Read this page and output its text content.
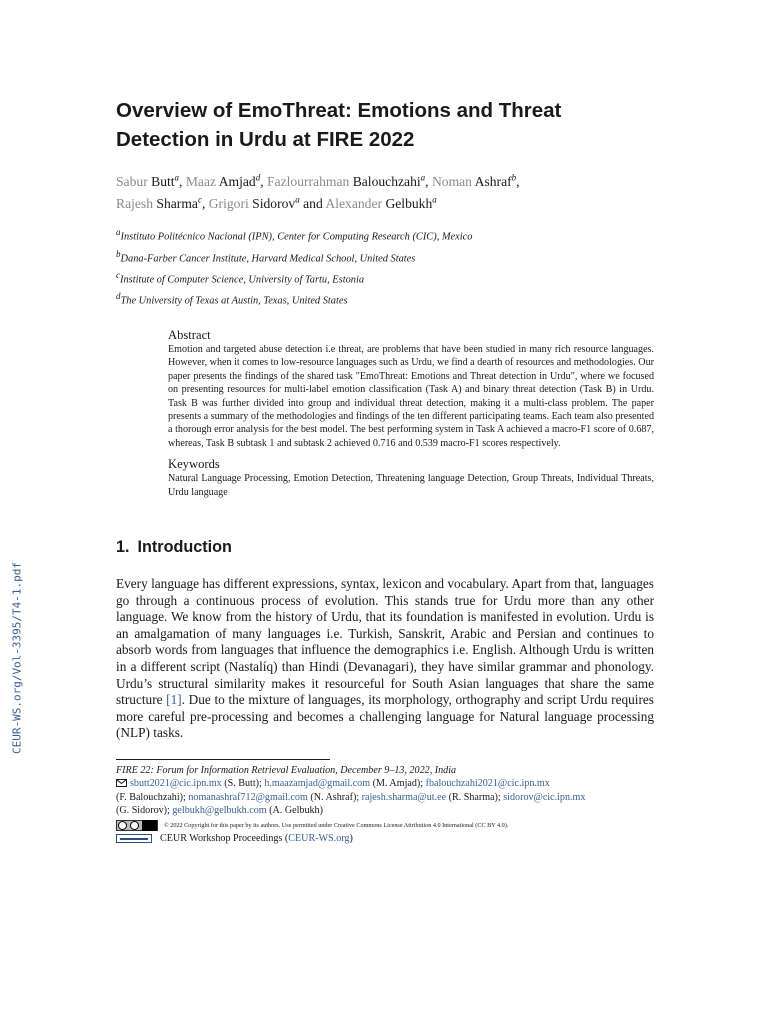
CEUR-WS.org/Vol-3395/T4-1.pdf
Overview of EmoThreat: Emotions and Threat Detection in Urdu at FIRE 2022
Sabur Butt$^a$, Maaz Amjad$^d$, Fazlourrahman Balouchzahi$^a$, Noman Ashraf$^b$,
Rajesh Sharma$^c$, Grigori Sidorov$^a$ and Alexander Gelbukh$^a$
$^a$Instituto Politécnico Nacional (IPN), Center for Computing Research (CIC), Mexico
$^b$Dana-Farber Cancer Institute, Harvard Medical School, United States
$^c$Institute of Computer Science, University of Tartu, Estonia
$^d$The University of Texas at Austin, Texas, United States
Abstract

Emotion and targeted abuse detection i.e threat, are problems that have been studied in many rich resource languages. However, when it comes to low-resource languages such as Urdu, we find a dearth of resources and methodologies. Our paper presents the findings of the shared task "EmoThreat: Emotions and Threat detection in Urdu", where we focused on presenting resources for multi-label emotion classification (Task A) and binary threat detection (Task B) in Urdu. Task B was further divided into group and individual threat detection, making it a multi-class problem. The paper presents a summary of the methodologies and findings of the ten different participating teams. Each team also presented a thorough error analysis for the best model. The best performing system in Task A achieved a macro-F1 score of 0.687, whereas, Task B subtask 1 and subtask 2 achieved 0.716 and 0.539 macro-F1 scores respectively.

Keywords

Natural Language Processing, Emotion Detection, Threatening language Detection, Group Threats, Individual Threats, Urdu language

1. Introduction

Every language has different expressions, syntax, lexicon and vocabulary. Apart from that, languages go through a continuous process of evolution. This stands true for Urdu more than any other language. We know from the history of Urdu, that its foundation is manifested in evolution. Urdu is an amalgamation of many languages i.e. Turkish, Sanskrit, Arabic and Persian and continues to absorb words from languages that influence the demographics i.e. English. Although Urdu is written in a different script (Nastalíq) than Hindi (Devanagari), they have similar grammar and phonology. Urdu’s structural similarity makes it resourceful for South Asian languages that share the same structure [1]. Due to the mixture of languages, its morphology, orthography and script Urdu requires more careful pre-processing and becomes a challenging language for Natural language processing (NLP) tasks.

FIRE 22: Forum for Information Retrieval Evaluation, December 9–13, 2022, India
sbutt2021@cic.ipn.mx (S. Butt); h.maazamjad@gmail.com (M. Amjad); fbalouchzahi2021@cic.ipn.mx
(F. Balouchzahi); nomanashraf712@gmail.com (N. Ashraf); rajesh.sharma@ut.ee (R. Sharma); sidorov@cic.ipn.mx
(G. Sidorov); gelbukh@gelbukh.com (A. Gelbukh)
© 2022 Copyright for this paper by its authors. Use permitted under Creative Commons License Attribution 4.0 International (CC BY 4.0).
CEUR Workshop Proceedings (CEUR-WS.org)
